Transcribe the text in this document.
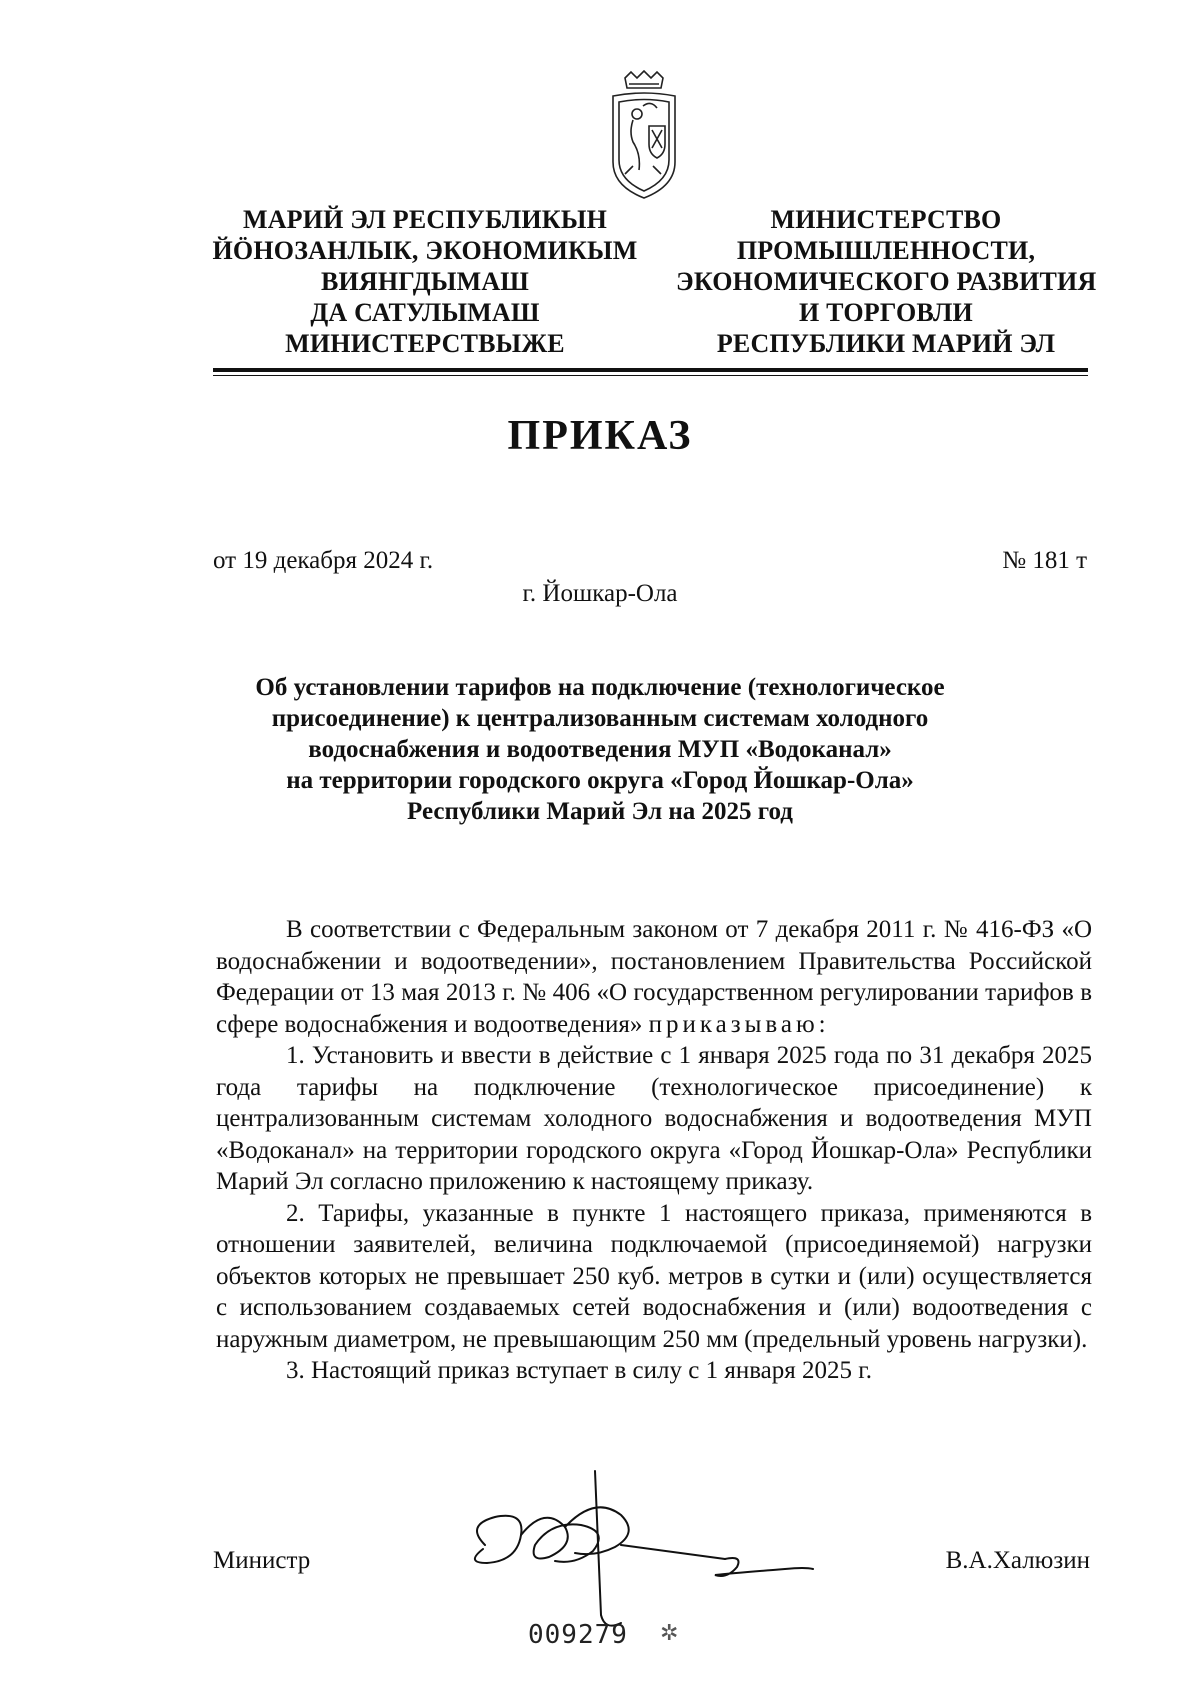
МАРИЙ ЭЛ РЕСПУБЛИКЫН
ЙÖНОЗАНЛЫК, ЭКОНОМИКЫМ
ВИЯНГДЫМАШ
ДА САТУЛЫМАШ
МИНИСТЕРСТВЫЖЕ
МИНИСТЕРСТВО
ПРОМЫШЛЕННОСТИ,
ЭКОНОМИЧЕСКОГО РАЗВИТИЯ
И ТОРГОВЛИ
РЕСПУБЛИКИ МАРИЙ ЭЛ
ПРИКАЗ
от 19 декабря 2024 г.	№ 181 т
г. Йошкар-Ола
Об установлении тарифов на подключение (технологическое
присоединение) к централизованным системам холодного
водоснабжения и водоотведения МУП «Водоканал»
на территории городского округа «Город Йошкар-Ола»
Республики Марий Эл на 2025 год

В соответствии с Федеральным законом от 7 декабря 2011 г. № 416-ФЗ «О водоснабжении и водоотведении», постановлением Правительства Российской Федерации от 13 мая 2013 г. № 406 «О государственном регулировании тарифов в сфере водоснабжения и водоотведения» приказываю:

1. Установить и ввести в действие с 1 января 2025 года по 31 декабря 2025 года тарифы на подключение (технологическое присоединение) к централизованным системам холодного водоснабжения и водоотведения МУП «Водоканал» на территории городского округа «Город Йошкар-Ола» Республики Марий Эл согласно приложению к настоящему приказу.

2. Тарифы, указанные в пункте 1 настоящего приказа, применяются в отношении заявителей, величина подключаемой (присоединяемой) нагрузки объектов которых не превышает 250 куб. метров в сутки и (или) осуществляется с использованием создаваемых сетей водоснабжения и (или) водоотведения с наружным диаметром, не превышающим 250 мм (предельный уровень нагрузки).

3. Настоящий приказ вступает в силу с 1 января 2025 г.

Министр	В.А.Халюзин
009279 ✲
